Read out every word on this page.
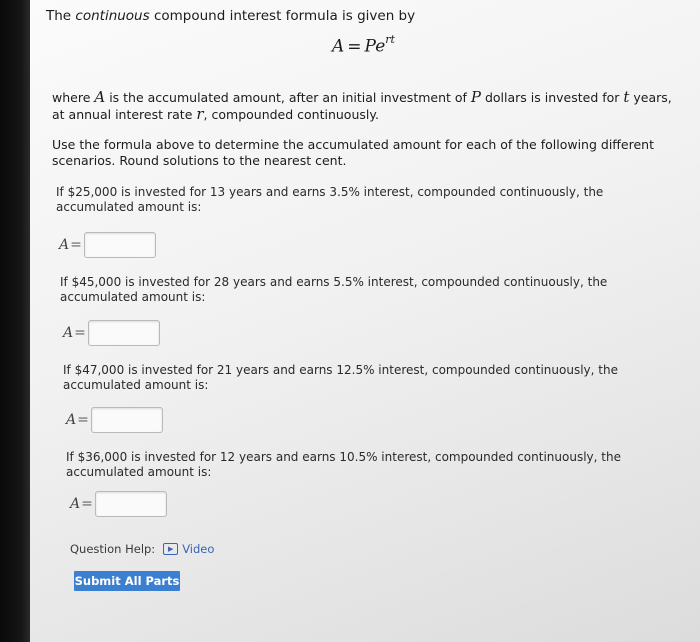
The continuous compound interest formula is given by
$A = Pe^{rt}$
where A is the accumulated amount, after an initial investment of P dollars is invested for t years, at annual interest rate r, compounded continuously.
Use the formula above to determine the accumulated amount for each of the following different scenarios. Round solutions to the nearest cent.
If $25,000 is invested for 13 years and earns 3.5% interest, compounded continuously, the accumulated amount is:
A =
If $45,000 is invested for 28 years and earns 5.5% interest, compounded continuously, the accumulated amount is:
A =
If $47,000 is invested for 21 years and earns 12.5% interest, compounded continuously, the accumulated amount is:
A =
If $36,000 is invested for 12 years and earns 10.5% interest, compounded continuously, the accumulated amount is:
A =
Question Help:	▶ Video
Submit All Parts
